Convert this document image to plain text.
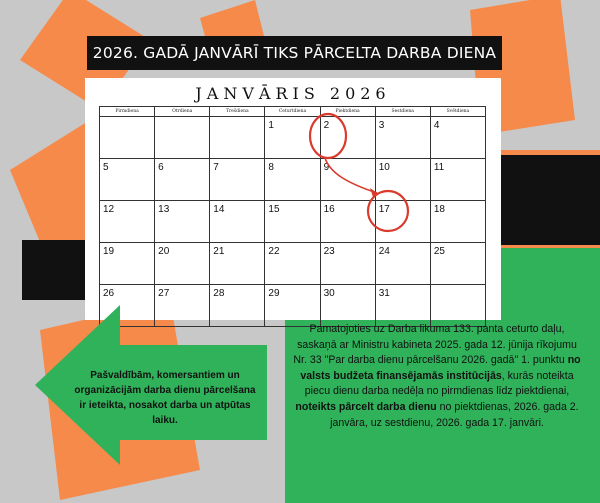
2026. GADĀ JANVĀRĪ TIKS PĀRCELTA DARBA DIENA
JANVĀRIS 2026
Pirmdiena	Otrdiena	Trešdiena	Ceturtdiena	Piektdiena	Sestdiena	Svētdiena
			1	2	3	4
5	6	7	8	9	10	11
12	13	14	15	16	17	18
19	20	21	22	23	24	25
26	27	28	29	30	31	
Pašvaldībām, komersantiem un organizācijām darba dienu pārcelšana ir ieteikta, nosakot darba un atpūtas laiku.
Pamatojoties uz Darba likuma 133. panta ceturto daļu, saskaņā ar Ministru kabineta 2025. gada 12. jūnija rīkojumu Nr. 33 "Par darba dienu pārcelšanu 2026. gadā" 1. punktu no valsts budžeta finansējamās institūcijās, kurās noteikta piecu dienu darba nedēļa no pirmdienas līdz piektdienai, noteikts pārcelt darba dienu no piektdienas, 2026. gada 2. janvāra, uz sestdienu, 2026. gada 17. janvāri.
